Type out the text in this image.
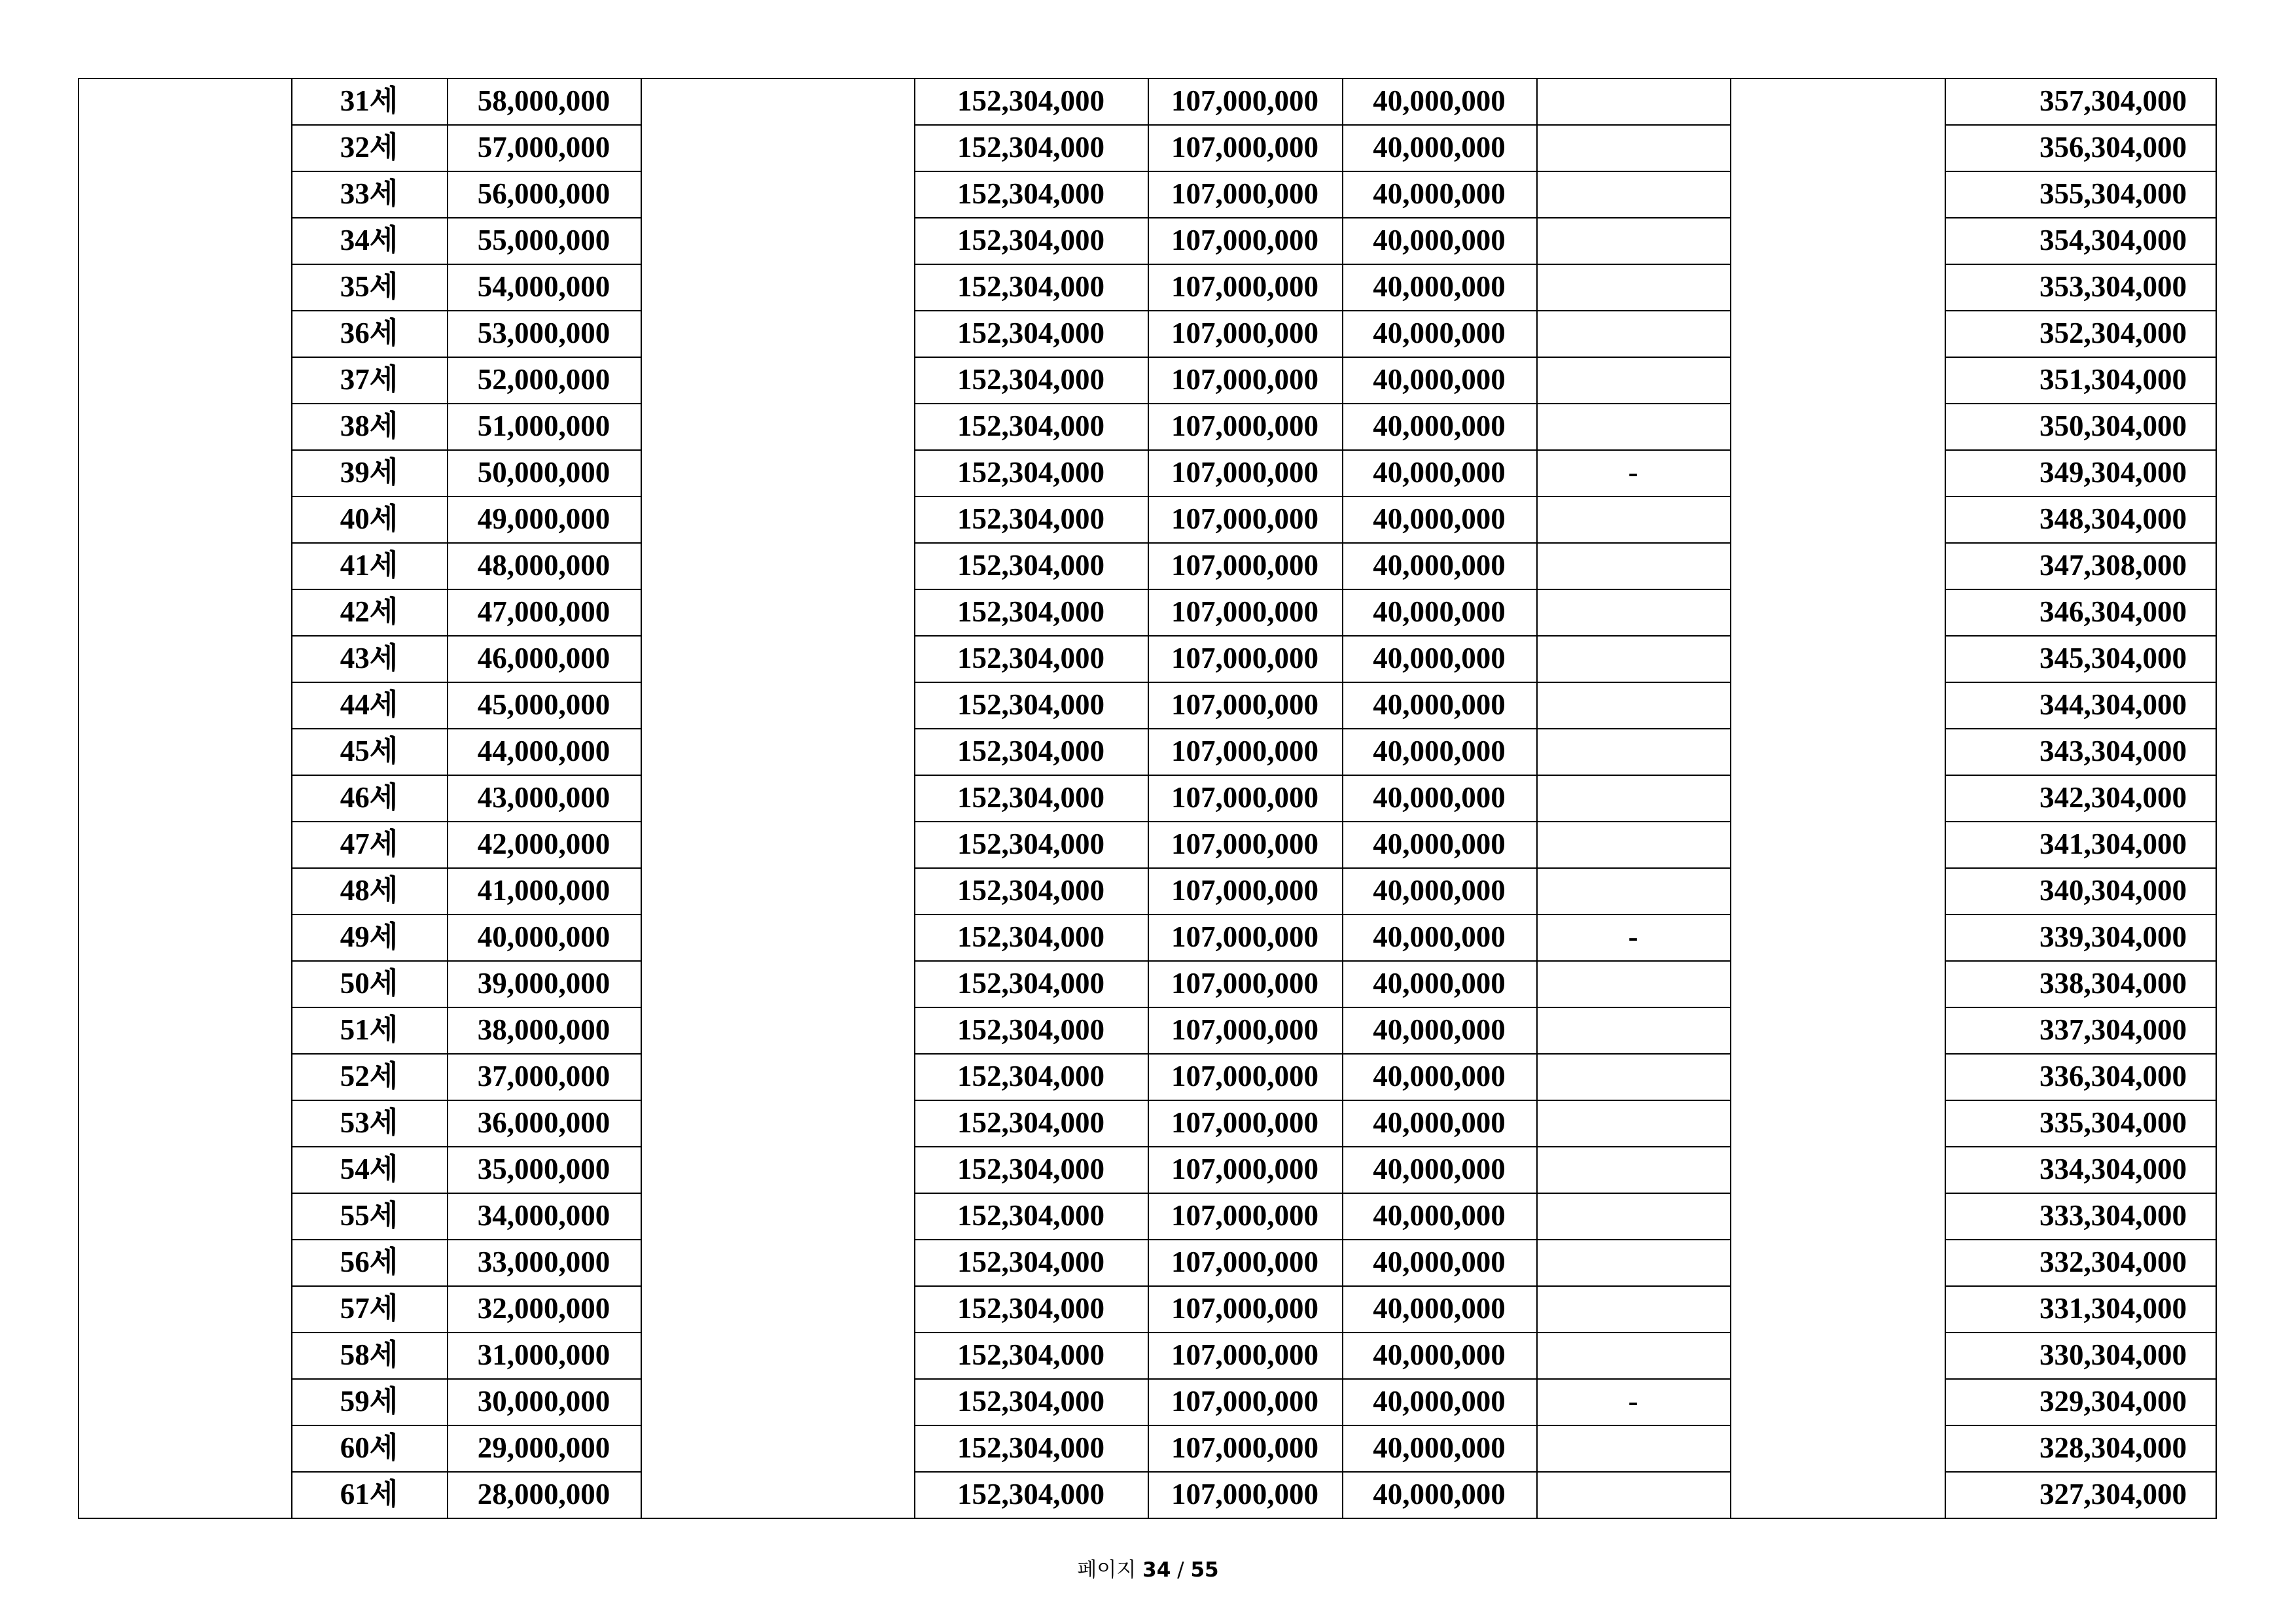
31세	58,000,000	152,304,000	107,000,000	40,000,000	357,304,000
32세	57,000,000	152,304,000	107,000,000	40,000,000	356,304,000
33세	56,000,000	152,304,000	107,000,000	40,000,000	355,304,000
34세	55,000,000	152,304,000	107,000,000	40,000,000	354,304,000
35세	54,000,000	152,304,000	107,000,000	40,000,000	353,304,000
36세	53,000,000	152,304,000	107,000,000	40,000,000	352,304,000
37세	52,000,000	152,304,000	107,000,000	40,000,000	351,304,000
38세	51,000,000	152,304,000	107,000,000	40,000,000	350,304,000
39세	50,000,000	152,304,000	107,000,000	40,000,000	-	349,304,000
40세	49,000,000	152,304,000	107,000,000	40,000,000	348,304,000
41세	48,000,000	152,304,000	107,000,000	40,000,000	347,308,000
42세	47,000,000	152,304,000	107,000,000	40,000,000	346,304,000
43세	46,000,000	152,304,000	107,000,000	40,000,000	345,304,000
44세	45,000,000	152,304,000	107,000,000	40,000,000	344,304,000
45세	44,000,000	152,304,000	107,000,000	40,000,000	343,304,000
46세	43,000,000	152,304,000	107,000,000	40,000,000	342,304,000
47세	42,000,000	152,304,000	107,000,000	40,000,000	341,304,000
48세	41,000,000	152,304,000	107,000,000	40,000,000	340,304,000
49세	40,000,000	152,304,000	107,000,000	40,000,000	-	339,304,000
50세	39,000,000	152,304,000	107,000,000	40,000,000	338,304,000
51세	38,000,000	152,304,000	107,000,000	40,000,000	337,304,000
52세	37,000,000	152,304,000	107,000,000	40,000,000	336,304,000
53세	36,000,000	152,304,000	107,000,000	40,000,000	335,304,000
54세	35,000,000	152,304,000	107,000,000	40,000,000	334,304,000
55세	34,000,000	152,304,000	107,000,000	40,000,000	333,304,000
56세	33,000,000	152,304,000	107,000,000	40,000,000	332,304,000
57세	32,000,000	152,304,000	107,000,000	40,000,000	331,304,000
58세	31,000,000	152,304,000	107,000,000	40,000,000	330,304,000
59세	30,000,000	152,304,000	107,000,000	40,000,000	-	329,304,000
60세	29,000,000	152,304,000	107,000,000	40,000,000	328,304,000
61세	28,000,000	152,304,000	107,000,000	40,000,000	327,304,000
페이지 34 / 55
